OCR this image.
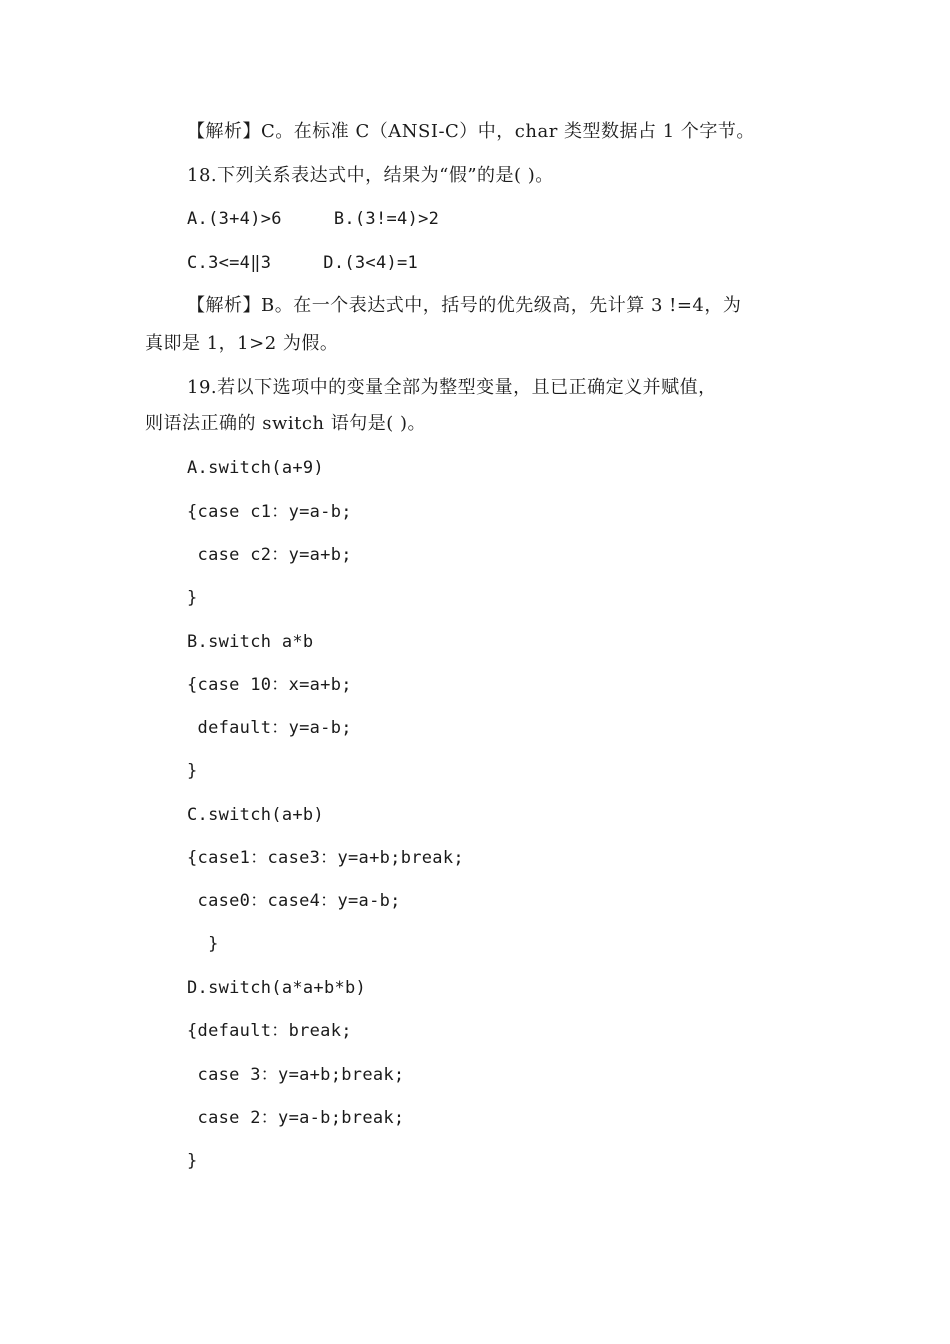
【解析】C。在标准 C（ANSI-C）中，char 类型数据占 1 个字节。
18.下列关系表达式中，结果为“假”的是( )。
A.(3+4)>6	B.(3!=4)>2
C.3<=4‖3	D.(3<4)=1
【解析】B。在一个表达式中，括号的优先级高，先计算 3 !=4，为
真即是 1，1>2 为假。
19.若以下选项中的变量全部为整型变量，且已正确定义并赋值，
则语法正确的 switch 语句是( )。
A.switch(a+9)
{case c1：y=a-b;
case c2：y=a+b;
}
B.switch a*b
{case 10：x=a+b;
default：y=a-b;
}
C.switch(a+b)
{case1：case3：y=a+b;break;
case0：case4：y=a-b;
}
D.switch(a*a+b*b)
{default：break;
case 3：y=a+b;break;
case 2：y=a-b;break;
}
